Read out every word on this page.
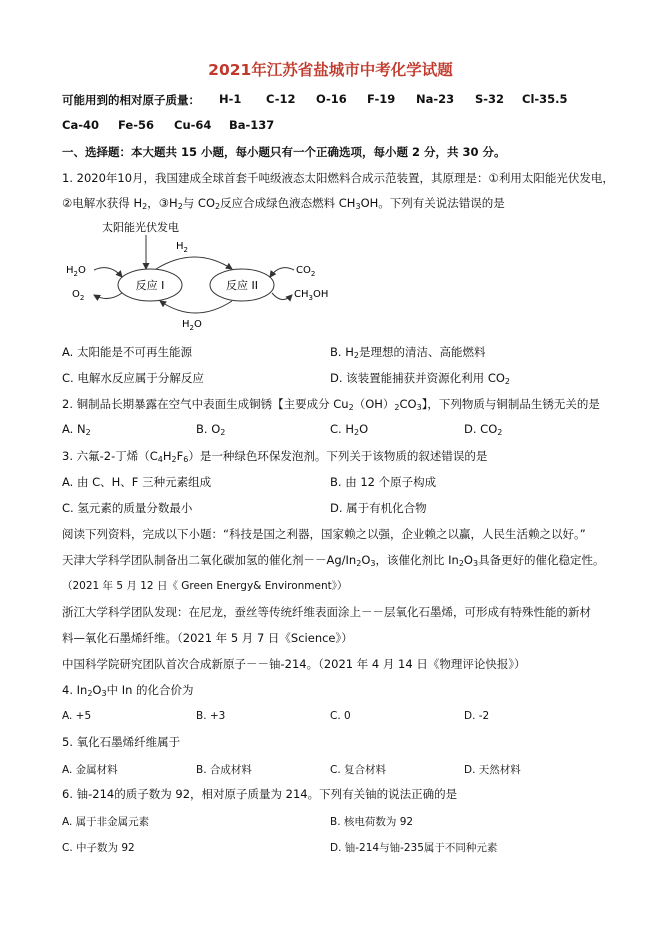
2021年江苏省盐城市中考化学试题
可能用到的相对原子质量： H-1 C-12 O-16 F-19 Na-23 S-32 Cl-35.5
Ca-40 Fe-56 Cu-64 Ba-137
一、选择题：本大题共 15 小题，每小题只有一个正确选项，每小题 2 分，共 30 分。
1. 2020年10月，我国建成全球首套千吨级液态太阳燃料合成示范装置，其原理是：①利用太阳能光伏发电，
②电解水获得 $H_2$，$③H_2$与 $CO_2$反应合成绿色液态燃料 $CH_3OH$。下列有关说法错误的是
太阳能光伏发电
$H_2$
反应 I	反应 II
$H_2O$
$O_2$
$CO_2$
$CH_3OH$
$H_2O$
A. 太阳能是不可再生能源	B. $H_2$是理想的清洁、高能燃料
C. 电解水反应属于分解反应	D. 该装置能捕获并资源化利用 $CO_2$
2. 铜制品长期暴露在空气中表面生成铜锈【主要成分 $Cu_2(OH)_2CO_3$】，下列物质与铜制品生锈无关的是
A. $N_2$	B. $O_2$	C. $H_2O$	D. $CO_2$
3. 六氟-2-丁烯$(C_4H_2F_6)$是一种绿色环保发泡剂。下列关于该物质的叙述错误的是
A. 由 C、H、F 三种元素组成	B. 由 12 个原子构成
C. 氢元素的质量分数最小	D. 属于有机化合物
阅读下列资料，完成以下小题：“科技是国之利器，国家赖之以强，企业赖之以赢，人民生活赖之以好。”
天津大学科学团队制备出二氧化碳加氢的催化剂$--Ag/In_2O_3$，该催化剂比 $In_2O_3$具备更好的催化稳定性。
（2021 年 5 月 12 日《 Green Energy& Environment》）
浙江大学科学团队发现：在尼龙，蚕丝等传统纤维表面涂上－－层氧化石墨烯，可形成有特殊性能的新材
料—氧化石墨烯纤维。（2021 年 5 月 7 日《Science》）
中国科学院研究团队首次合成新原子－－铀-214。（2021 年 4 月 14 日《物理评论快报》）
4. $In_2O_3$中 In 的化合价为
A. +5	B. +3	C. 0	D. -2
5. 氧化石墨烯纤维属于
A. 金属材料	B. 合成材料	C. 复合材料	D. 天然材料
6. 铀-214的质子数为 92，相对原子质量为 214。下列有关铀的说法正确的是
A. 属于非金属元素	B. 核电荷数为 92
C. 中子数为 92	D. 铀-214与铀-235属于不同种元素
